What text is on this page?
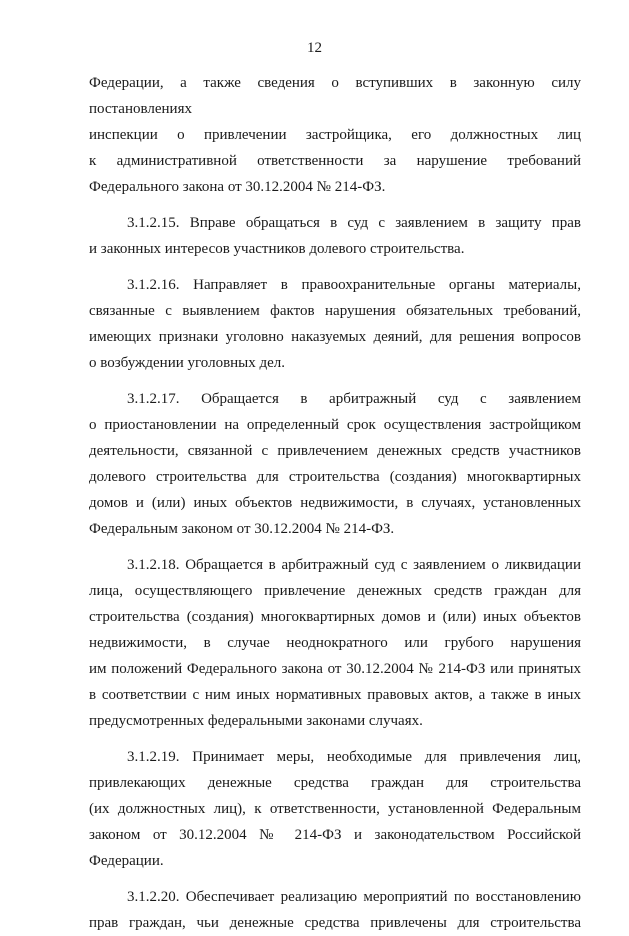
12
Федерации, а также сведения о вступивших в законную силу постановлениях
инспекции о привлечении застройщика, его должностных лиц
к административной ответственности за нарушение требований
Федерального закона от 30.12.2004 № 214-ФЗ.
3.1.2.15. Вправе обращаться в суд с заявлением в защиту прав
и законных интересов участников долевого строительства.
3.1.2.16. Направляет в правоохранительные органы материалы,
связанные с выявлением фактов нарушения обязательных требований,
имеющих признаки уголовно наказуемых деяний, для решения вопросов
о возбуждении уголовных дел.
3.1.2.17. Обращается в арбитражный суд с заявлением
о приостановлении на определенный срок осуществления застройщиком
деятельности, связанной с привлечением денежных средств участников
долевого строительства для строительства (создания) многоквартирных
домов и (или) иных объектов недвижимости, в случаях, установленных
Федеральным законом от 30.12.2004 № 214-ФЗ.
3.1.2.18. Обращается в арбитражный суд с заявлением о ликвидации
лица, осуществляющего привлечение денежных средств граждан для
строительства (создания) многоквартирных домов и (или) иных объектов
недвижимости, в случае неоднократного или грубого нарушения
им положений Федерального закона от 30.12.2004 № 214-ФЗ или принятых
в соответствии с ним иных нормативных правовых актов, а также в иных
предусмотренных федеральными законами случаях.
3.1.2.19. Принимает меры, необходимые для привлечения лиц,
привлекающих денежные средства граждан для строительства
(их должностных лиц), к ответственности, установленной Федеральным
законом от 30.12.2004 № 214-ФЗ и законодательством Российской
Федерации.
3.1.2.20. Обеспечивает реализацию мероприятий по восстановлению
прав граждан, чьи денежные средства привлечены для строительства
